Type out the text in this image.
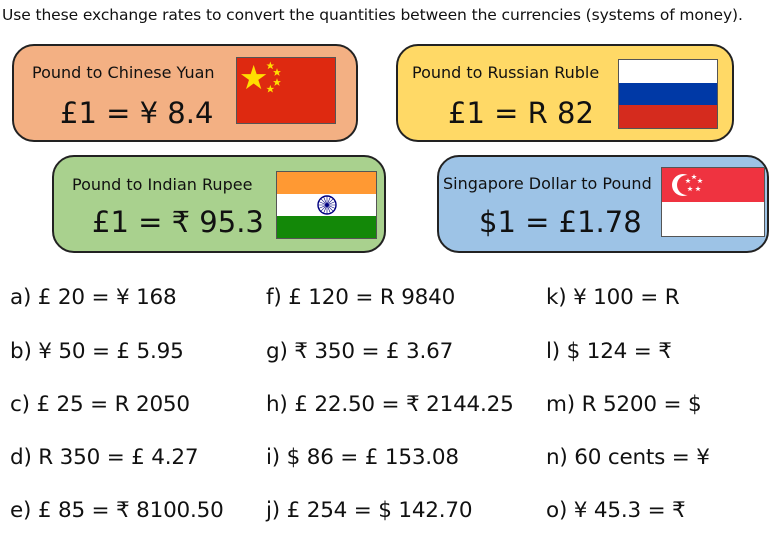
Use these exchange rates to convert the quantities between the currencies (systems of money).
Pound to Chinese Yuan
£1 = ¥ 8.4
Pound to Russian Ruble
£1 = R 82
Pound to Indian Rupee
£1 = ₹ 95.3
Singapore Dollar to Pound
$1 = £1.78
a) £ 20 = ¥ 168
b) ¥ 50 = £ 5.95
c) £ 25 = R 2050
d) R 350 = £ 4.27
e) £ 85 = ₹ 8100.50
f) £ 120 = R 9840
g) ₹ 350 = £ 3.67
h) £ 22.50 = ₹ 2144.25
i) $ 86 = £ 153.08
j) £ 254 = $ 142.70
k) ¥ 100 = R
l) $ 124 = ₹
m) R 5200 = $
n) 60 cents = ¥
o) ¥ 45.3 = ₹
